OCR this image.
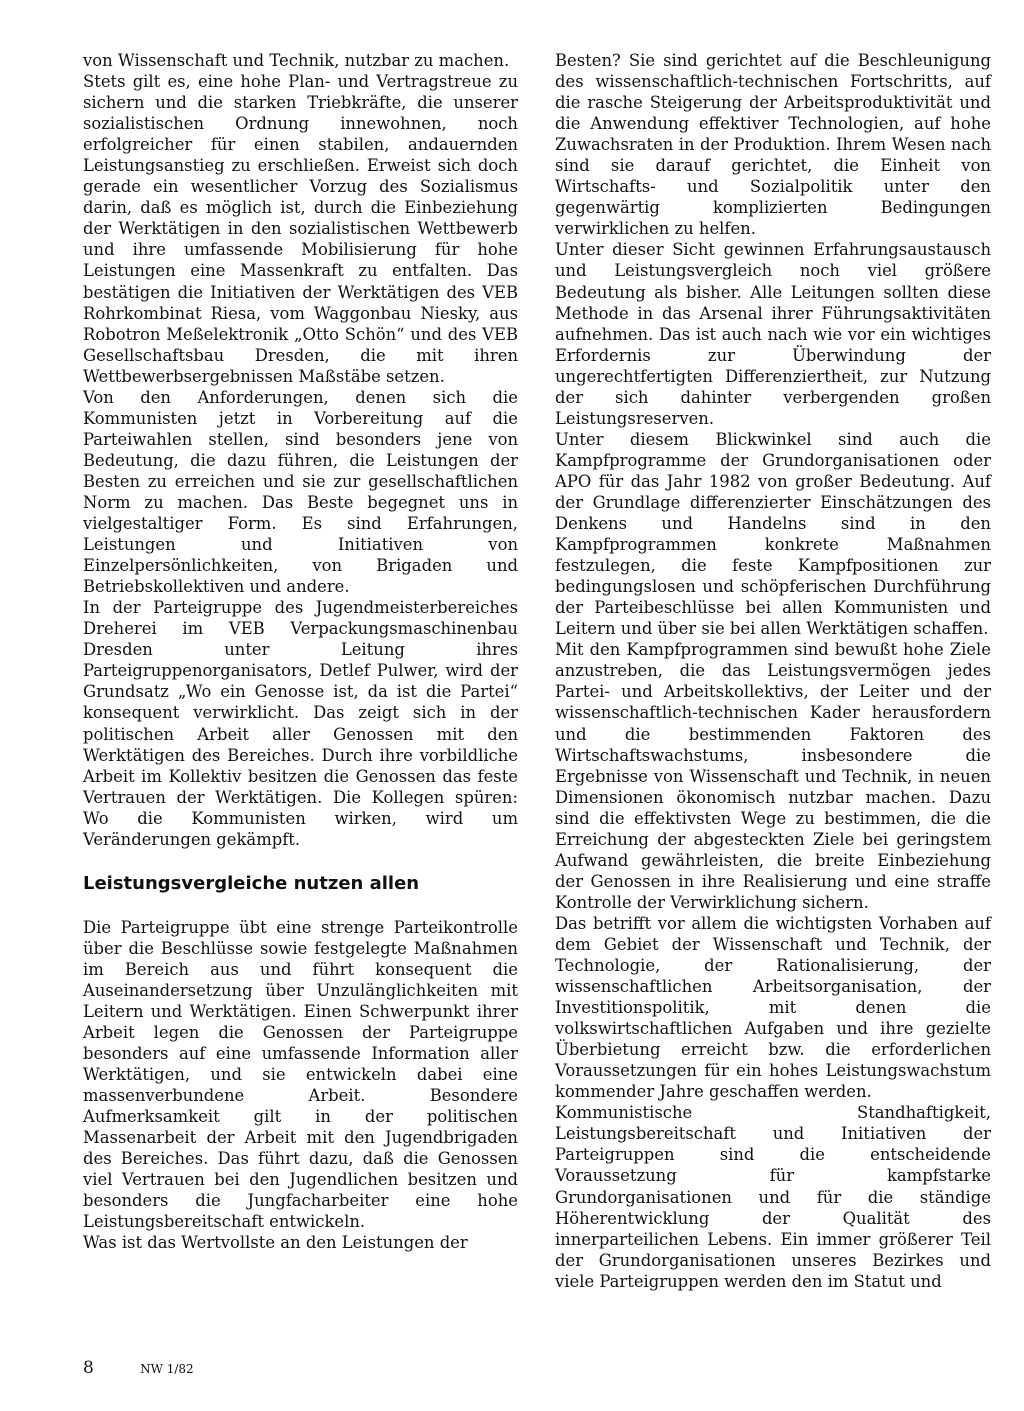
von Wissenschaft und Technik, nutzbar zu machen.

Stets gilt es, eine hohe Plan- und Vertragstreue zu sichern und die starken Triebkräfte, die unserer sozialistischen Ordnung innewohnen, noch erfolgreicher für einen stabilen, andauernden Leistungsanstieg zu erschließen. Erweist sich doch gerade ein wesentlicher Vorzug des Sozialismus darin, daß es möglich ist, durch die Einbeziehung der Werktätigen in den sozialistischen Wettbewerb und ihre umfassende Mobilisierung für hohe Leistungen eine Massenkraft zu entfalten. Das bestätigen die Initiativen der Werktätigen des VEB Rohrkombinat Riesa, vom Waggonbau Niesky, aus Robotron Meßelektronik „Otto Schön“ und des VEB Gesellschaftsbau Dresden, die mit ihren Wettbewerbsergebnissen Maßstäbe setzen.

Von den Anforderungen, denen sich die Kommunisten jetzt in Vorbereitung auf die Parteiwahlen stellen, sind besonders jene von Bedeutung, die dazu führen, die Leistungen der Besten zu erreichen und sie zur gesellschaftlichen Norm zu machen. Das Beste begegnet uns in vielgestaltiger Form. Es sind Erfahrungen, Leistungen und Initiativen von Einzelpersönlichkeiten, von Brigaden und Betriebskollektiven und andere.

In der Parteigruppe des Jugendmeisterbereiches Dreherei im VEB Verpackungsmaschinenbau Dresden unter Leitung ihres Parteigruppenorganisators, Detlef Pulwer, wird der Grundsatz „Wo ein Genosse ist, da ist die Partei“ konsequent verwirklicht. Das zeigt sich in der politischen Arbeit aller Genossen mit den Werktätigen des Bereiches. Durch ihre vorbildliche Arbeit im Kollektiv besitzen die Genossen das feste Vertrauen der Werktätigen. Die Kollegen spüren: Wo die Kommunisten wirken, wird um Veränderungen gekämpft.

Leistungsvergleiche nutzen allen

Die Parteigruppe übt eine strenge Parteikontrolle über die Beschlüsse sowie festgelegte Maßnahmen im Bereich aus und führt konsequent die Auseinandersetzung über Unzulänglichkeiten mit Leitern und Werktätigen. Einen Schwerpunkt ihrer Arbeit legen die Genossen der Parteigruppe besonders auf eine umfassende Information aller Werktätigen, und sie entwickeln dabei eine massenverbundene Arbeit. Besondere Aufmerksamkeit gilt in der politischen Massenarbeit der Arbeit mit den Jugendbrigaden des Bereiches. Das führt dazu, daß die Genossen viel Vertrauen bei den Jugendlichen besitzen und besonders die Jungfacharbeiter eine hohe Leistungsbereitschaft entwickeln.

Was ist das Wertvollste an den Leistungen der

Besten? Sie sind gerichtet auf die Beschleunigung des wissenschaftlich-technischen Fortschritts, auf die rasche Steigerung der Arbeitsproduktivität und die Anwendung effektiver Technologien, auf hohe Zuwachsraten in der Produktion. Ihrem Wesen nach sind sie darauf gerichtet, die Einheit von Wirtschafts- und Sozialpolitik unter den gegenwärtig komplizierten Bedingungen verwirklichen zu helfen.

Unter dieser Sicht gewinnen Erfahrungsaustausch und Leistungsvergleich noch viel größere Bedeutung als bisher. Alle Leitungen sollten diese Methode in das Arsenal ihrer Führungsaktivitäten aufnehmen. Das ist auch nach wie vor ein wichtiges Erfordernis zur Überwindung der ungerechtfertigten Differenziertheit, zur Nutzung der sich dahinter verbergenden großen Leistungsreserven.

Unter diesem Blickwinkel sind auch die Kampfprogramme der Grundorganisationen oder APO für das Jahr 1982 von großer Bedeutung. Auf der Grundlage differenzierter Einschätzungen des Denkens und Handelns sind in den Kampfprogrammen konkrete Maßnahmen festzulegen, die feste Kampfpositionen zur bedingungslosen und schöpferischen Durchführung der Parteibeschlüsse bei allen Kommunisten und Leitern und über sie bei allen Werktätigen schaffen.

Mit den Kampfprogrammen sind bewußt hohe Ziele anzustreben, die das Leistungsvermögen jedes Partei- und Arbeitskollektivs, der Leiter und der wissenschaftlich-technischen Kader herausfordern und die bestimmenden Faktoren des Wirtschaftswachstums, insbesondere die Ergebnisse von Wissenschaft und Technik, in neuen Dimensionen ökonomisch nutzbar machen. Dazu sind die effektivsten Wege zu bestimmen, die die Erreichung der abgesteckten Ziele bei geringstem Aufwand gewährleisten, die breite Einbeziehung der Genossen in ihre Realisierung und eine straffe Kontrolle der Verwirklichung sichern.

Das betrifft vor allem die wichtigsten Vorhaben auf dem Gebiet der Wissenschaft und Technik, der Technologie, der Rationalisierung, der wissenschaftlichen Arbeitsorganisation, der Investitionspolitik, mit denen die volkswirtschaftlichen Aufgaben und ihre gezielte Überbietung erreicht bzw. die erforderlichen Voraussetzungen für ein hohes Leistungswachstum kommender Jahre geschaffen werden.

Kommunistische Standhaftigkeit, Leistungsbereitschaft und Initiativen der Parteigruppen sind die entscheidende Voraussetzung für kampfstarke Grundorganisationen und für die ständige Höherentwicklung der Qualität des innerparteilichen Lebens. Ein immer größerer Teil der Grundorganisationen unseres Bezirkes und viele Parteigruppen werden den im Statut und

8	NW 1/82
